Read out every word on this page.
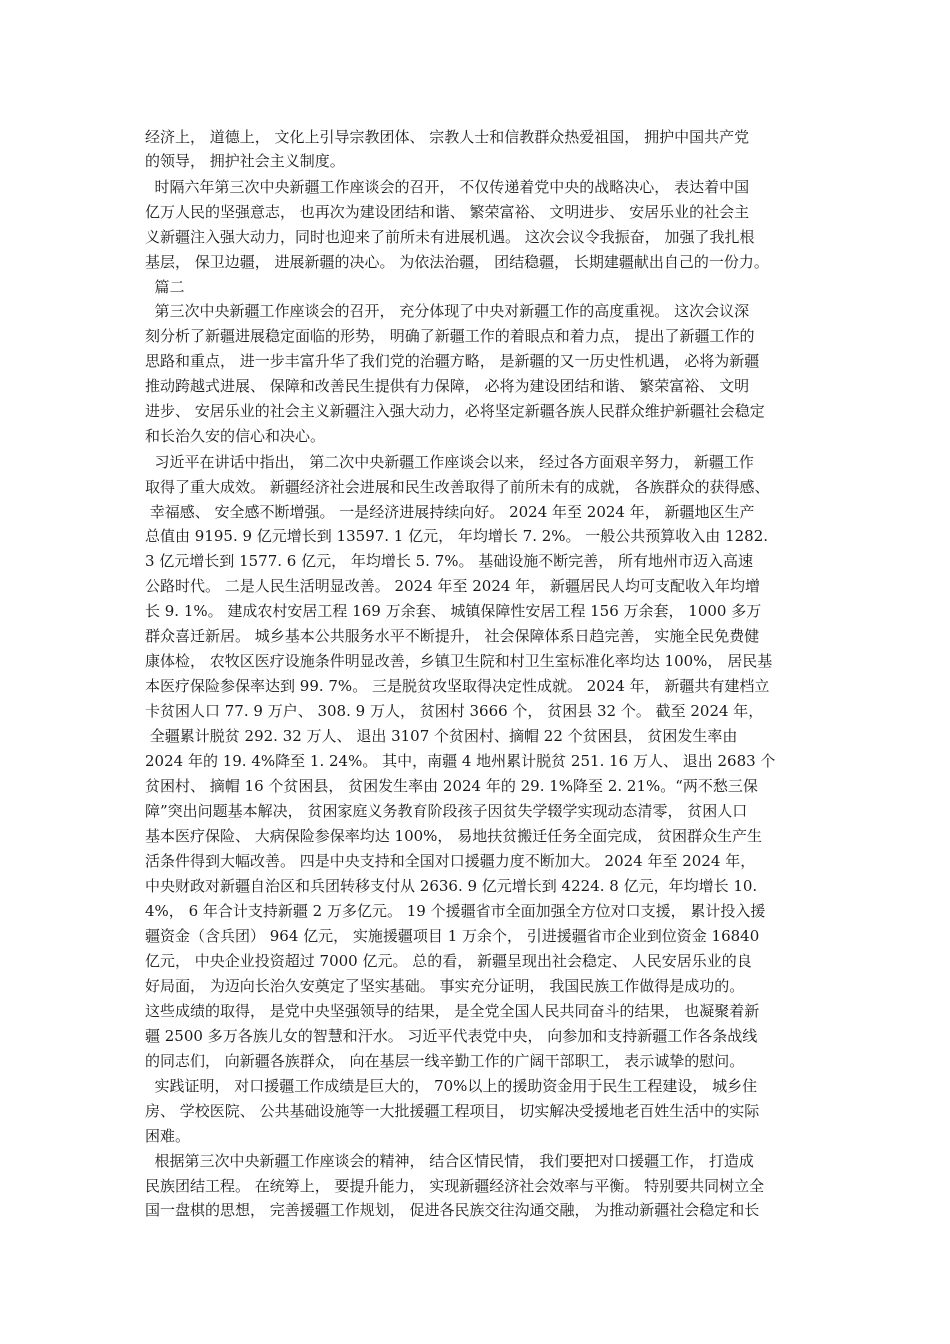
经济上， 道德上， 文化上引导宗教团体、 宗教人士和信教群众热爱祖国， 拥护中国共产党
的领导， 拥护社会主义制度。
时隔六年第三次中央新疆工作座谈会的召开， 不仅传递着党中央的战略决心， 表达着中国
亿万人民的坚强意志， 也再次为建设团结和谐、 繁荣富裕、 文明进步、 安居乐业的社会主
义新疆注入强大动力，同时也迎来了前所未有进展机遇。 这次会议令我振奋， 加强了我扎根
基层， 保卫边疆， 进展新疆的决心。 为依法治疆， 团结稳疆， 长期建疆献出自己的一份力。
篇二
第三次中央新疆工作座谈会的召开， 充分体现了中央对新疆工作的高度重视。 这次会议深
刻分析了新疆进展稳定面临的形势， 明确了新疆工作的着眼点和着力点， 提出了新疆工作的
思路和重点， 进一步丰富升华了我们党的治疆方略， 是新疆的又一历史性机遇， 必将为新疆
推动跨越式进展、 保障和改善民生提供有力保障， 必将为建设团结和谐、 繁荣富裕、 文明
进步、 安居乐业的社会主义新疆注入强大动力，必将坚定新疆各族人民群众维护新疆社会稳定
和长治久安的信心和决心。
习近平在讲话中指出， 第二次中央新疆工作座谈会以来， 经过各方面艰辛努力， 新疆工作
取得了重大成效。 新疆经济社会进展和民生改善取得了前所未有的成就， 各族群众的获得感、
幸福感、 安全感不断增强。 一是经济进展持续向好。 2024 年至 2024 年， 新疆地区生产
总值由 9195. 9 亿元增长到 13597. 1 亿元， 年均增长 7. 2%。 一般公共预算收入由 1282.
3 亿元增长到 1577. 6 亿元， 年均增长 5. 7%。 基础设施不断完善， 所有地州市迈入高速
公路时代。 二是人民生活明显改善。 2024 年至 2024 年， 新疆居民人均可支配收入年均增
长 9. 1%。 建成农村安居工程 169 万余套、 城镇保障性安居工程 156 万余套， 1000 多万
群众喜迁新居。 城乡基本公共服务水平不断提升， 社会保障体系日趋完善， 实施全民免费健
康体检， 农牧区医疗设施条件明显改善，乡镇卫生院和村卫生室标准化率均达 100%， 居民基
本医疗保险参保率达到 99. 7%。 三是脱贫攻坚取得决定性成就。 2024 年， 新疆共有建档立
卡贫困人口 77. 9 万户、 308. 9 万人， 贫困村 3666 个， 贫困县 32 个。 截至 2024 年，
全疆累计脱贫 292. 32 万人、 退出 3107 个贫困村、摘帽 22 个贫困县， 贫困发生率由
2024 年的 19. 4%降至 1. 24%。 其中，南疆 4 地州累计脱贫 251. 16 万人、 退出 2683 个
贫困村、 摘帽 16 个贫困县， 贫困发生率由 2024 年的 29. 1%降至 2. 21%。“两不愁三保
障”突出问题基本解决， 贫困家庭义务教育阶段孩子因贫失学辍学实现动态清零， 贫困人口
基本医疗保险、 大病保险参保率均达 100%， 易地扶贫搬迁任务全面完成， 贫困群众生产生
活条件得到大幅改善。 四是中央支持和全国对口援疆力度不断加大。 2024 年至 2024 年，
中央财政对新疆自治区和兵团转移支付从 2636. 9 亿元增长到 4224. 8 亿元，年均增长 10.
4%， 6 年合计支持新疆 2 万多亿元。 19 个援疆省市全面加强全方位对口支援， 累计投入援
疆资金（含兵团） 964 亿元， 实施援疆项目 1 万余个， 引进援疆省市企业到位资金 16840
亿元， 中央企业投资超过 7000 亿元。 总的看， 新疆呈现出社会稳定、 人民安居乐业的良
好局面， 为迈向长治久安奠定了坚实基础。 事实充分证明， 我国民族工作做得是成功的。
这些成绩的取得， 是党中央坚强领导的结果， 是全党全国人民共同奋斗的结果， 也凝聚着新
疆 2500 多万各族儿女的智慧和汗水。 习近平代表党中央， 向参加和支持新疆工作各条战线
的同志们， 向新疆各族群众， 向在基层一线辛勤工作的广阔干部职工， 表示诚挚的慰问。
实践证明， 对口援疆工作成绩是巨大的， 70%以上的援助资金用于民生工程建设， 城乡住
房、 学校医院、 公共基础设施等一大批援疆工程项目， 切实解决受援地老百姓生活中的实际
困难。
根据第三次中央新疆工作座谈会的精神， 结合区情民情， 我们要把对口援疆工作， 打造成
民族团结工程。 在统筹上， 要提升能力， 实现新疆经济社会效率与平衡。 特别要共同树立全
国一盘棋的思想， 完善援疆工作规划， 促进各民族交往沟通交融， 为推动新疆社会稳定和长
